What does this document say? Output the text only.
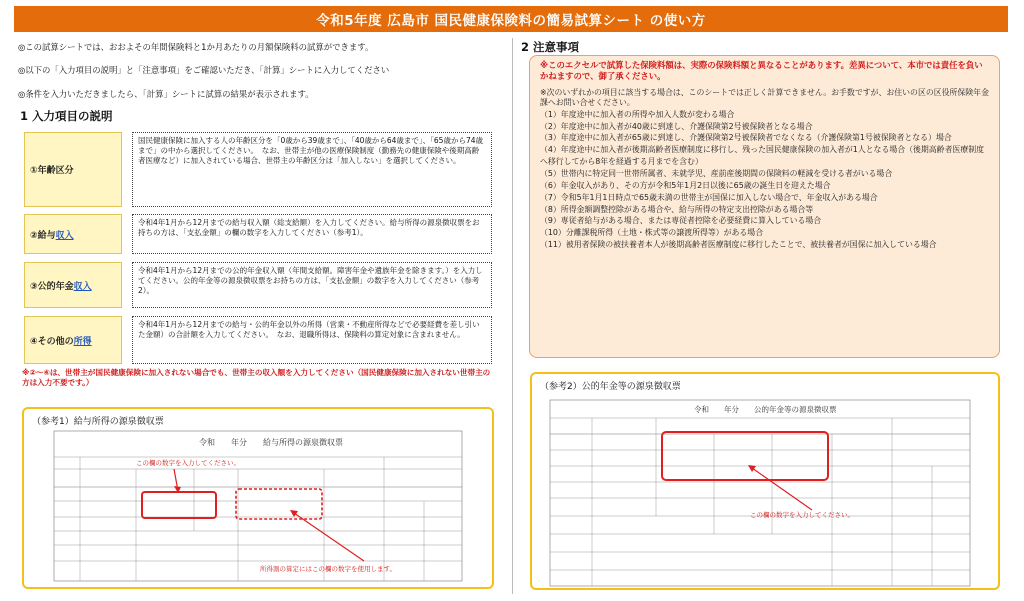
令和5年度 広島市 国民健康保険料の簡易試算シート の使い方
◎この試算シートでは、おおよその年間保険料と1か月あたりの月額保険料の試算ができます。
◎以下の「入力項目の説明」と「注意事項」をご確認いただき、「計算」シートに入力してください
◎条件を入力いただきましたら、「計算」シートに試算の結果が表示されます。
1 入力項目の説明
2 注意事項
①年齢区分
国民健康保険に加入する人の年齢区分を「0歳から39歳まで」、「40歳から64歳まで」、「65歳から74歳まで」の中から選択してください。　なお、世帯主が他の医療保険制度（勤務先の健康保険や後期高齢者医療など）に加入されている場合、世帯主の年齢区分は「加入しない」を選択してください。
②給与 収入
令和4年1月から12月までの給与収入額（総支給額）を入力してください。給与所得の源泉徴収票をお持ちの方は、「支払金額」の欄の数字を入力してください（参考1）。
③公的年金 収入
令和4年1月から12月までの公的年金収入額（年間支給額。障害年金や遺族年金を除きます。）を入力してください。公的年金等の源泉徴収票をお持ちの方は、「支払金額」の数字を入力してください（参考2）。
④その他の 所得
令和4年1月から12月までの給与・公的年金以外の所得（営業・不動産所得などで必要経費を差し引いた金額）の合計額を入力してください。　なお、退職所得は、保険料の算定対象に含まれません。
※②～④は、世帯主が国民健康保険に加入されない場合でも、世帯主の収入額を入力してください（国民健康保険に加入されない世帯主の方は入力不要です。）
（参考1）給与所得の源泉徴収票
令和　　年分　　給与所得の源泉徴収票
この欄の数字を入力してください。
所得割の算定にはこの欄の数字を使用します。
※このエクセルで試算した保険料額は、実際の保険料額と異なることがあります。差異について、本市では責任を負いかねますので、御了承ください。
※次のいずれかの項目に該当する場合は、このシートでは正しく計算できません。お手数ですが、お住いの区の区役所保険年金課へお問い合せください。
（1）年度途中に加入者の所得や加入人数が変わる場合
（2）年度途中に加入者が40歳に到達し、介護保険第2号被保険者となる場合
（3）年度途中に加入者が65歳に到達し、介護保険第2号被保険者でなくなる（介護保険第1号被保険者となる）場合
（4）年度途中に加入者が後期高齢者医療制度に移行し、残った国民健康保険の加入者が1人となる場合（後期高齢者医療制度へ移行してから8年を経過する月までを含む）
（5）世帯内に特定同一世帯所属者、未就学児、産前産後期間の保険料の軽減を受ける者がいる場合
（6）年金収入があり、その方が令和5年1月2日以後に65歳の誕生日を迎えた場合
（7）令和5年1月1日時点で65歳未満の世帯主が国保に加入しない場合で、年金収入がある場合
（8）所得金額調整控除がある場合や、給与所得の特定支出控除がある場合等
（9）専従者給与がある場合、または専従者控除を必要経費に算入している場合
（10）分離課税所得（土地・株式等の譲渡所得等）がある場合
（11）被用者保険の被扶養者本人が後期高齢者医療制度に移行したことで、被扶養者が国保に加入している場合
（参考2）公的年金等の源泉徴収票
令和　　年分　　公的年金等の源泉徴収票
この欄の数字を入力してください。
